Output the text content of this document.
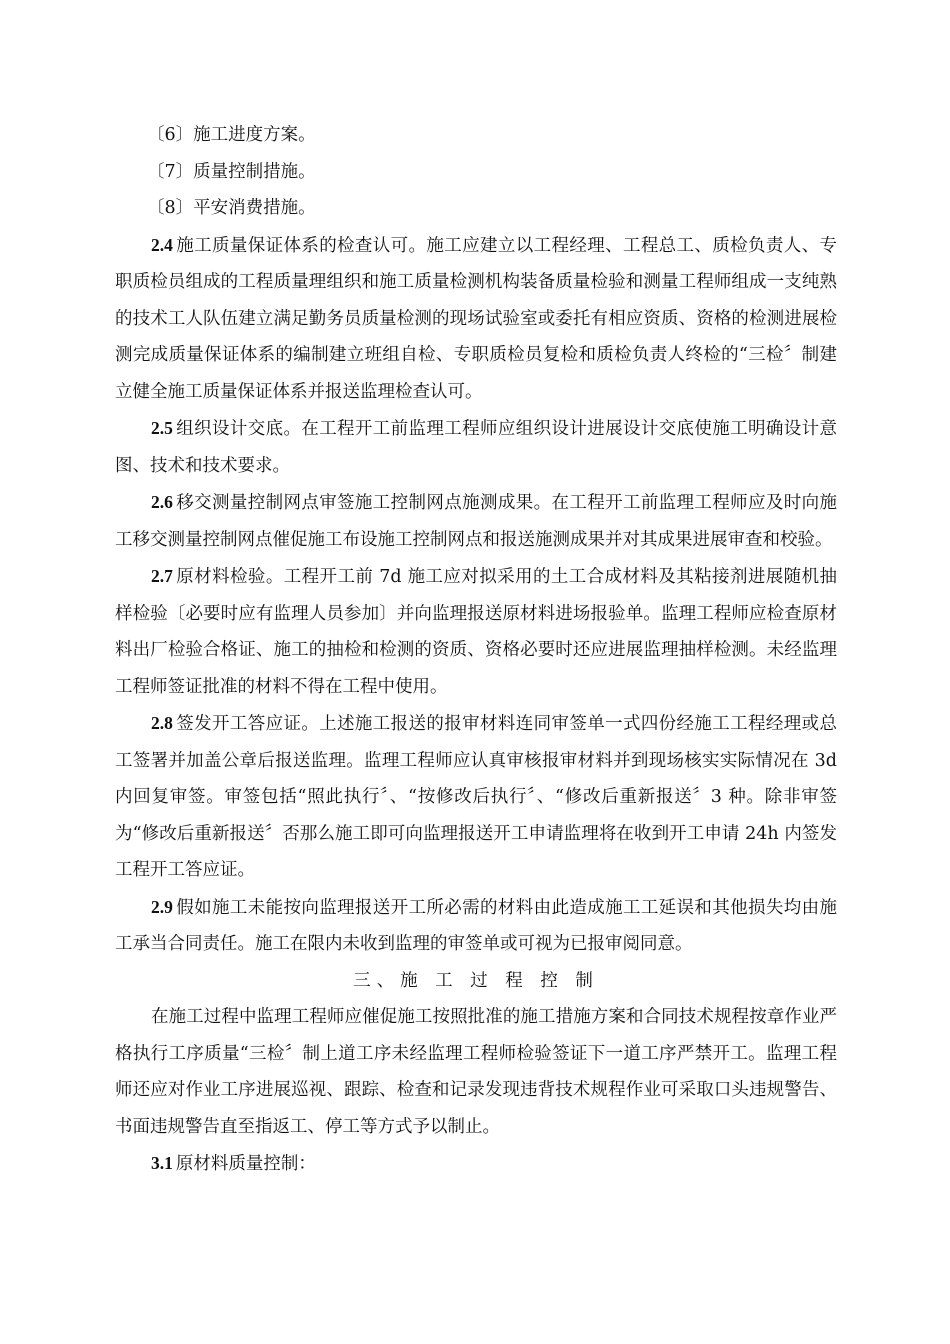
〔6〕施工进度方案。

〔7〕质量控制措施。

〔8〕平安消费措施。

2.4 施工质量保证体系的检查认可。施工应建立以工程经理、工程总工、质检负责人、专职质检员组成的工程质量理组织和施工质量检测机构装备质量检验和测量工程师组成一支纯熟的技术工人队伍建立满足勤务员质量检测的现场试验室或委托有相应资质、资格的检测进展检测完成质量保证体系的编制建立班组自检、专职质检员复检和质检负责人终检的“三检〞制建立健全施工质量保证体系并报送监理检查认可。

2.5 组织设计交底。在工程开工前监理工程师应组织设计进展设计交底使施工明确设计意图、技术和技术要求。

2.6 移交测量控制网点审签施工控制网点施测成果。在工程开工前监理工程师应及时向施工移交测量控制网点催促施工布设施工控制网点和报送施测成果并对其成果进展审查和校验。

2.7 原材料检验。工程开工前 7d 施工应对拟采用的土工合成材料及其粘接剂进展随机抽样检验〔必要时应有监理人员参加〕并向监理报送原材料进场报验单。监理工程师应检查原材料出厂检验合格证、施工的抽检和检测的资质、资格必要时还应进展监理抽样检测。未经监理工程师签证批准的材料不得在工程中使用。

2.8 签发开工答应证。上述施工报送的报审材料连同审签单一式四份经施工工程经理或总工签署并加盖公章后报送监理。监理工程师应认真审核报审材料并到现场核实实际情况在 3d 内回复审签。审签包括“照此执行〞、“按修改后执行〞、“修改后重新报送〞3 种。除非审签为“修改后重新报送〞否那么施工即可向监理报送开工申请监理将在收到开工申请 24h 内签发工程开工答应证。

2.9 假如施工未能按向监理报送开工所必需的材料由此造成施工工延误和其他损失均由施工承当合同责任。施工在限内未收到监理的审签单或可视为已报审阅同意。

三、施 工 过 程 控 制

在施工过程中监理工程师应催促施工按照批准的施工措施方案和合同技术规程按章作业严格执行工序质量“三检〞制上道工序未经监理工程师检验签证下一道工序严禁开工。监理工程师还应对作业工序进展巡视、跟踪、检查和记录发现违背技术规程作业可采取口头违规警告、书面违规警告直至指返工、停工等方式予以制止。

3.1 原材料质量控制：
